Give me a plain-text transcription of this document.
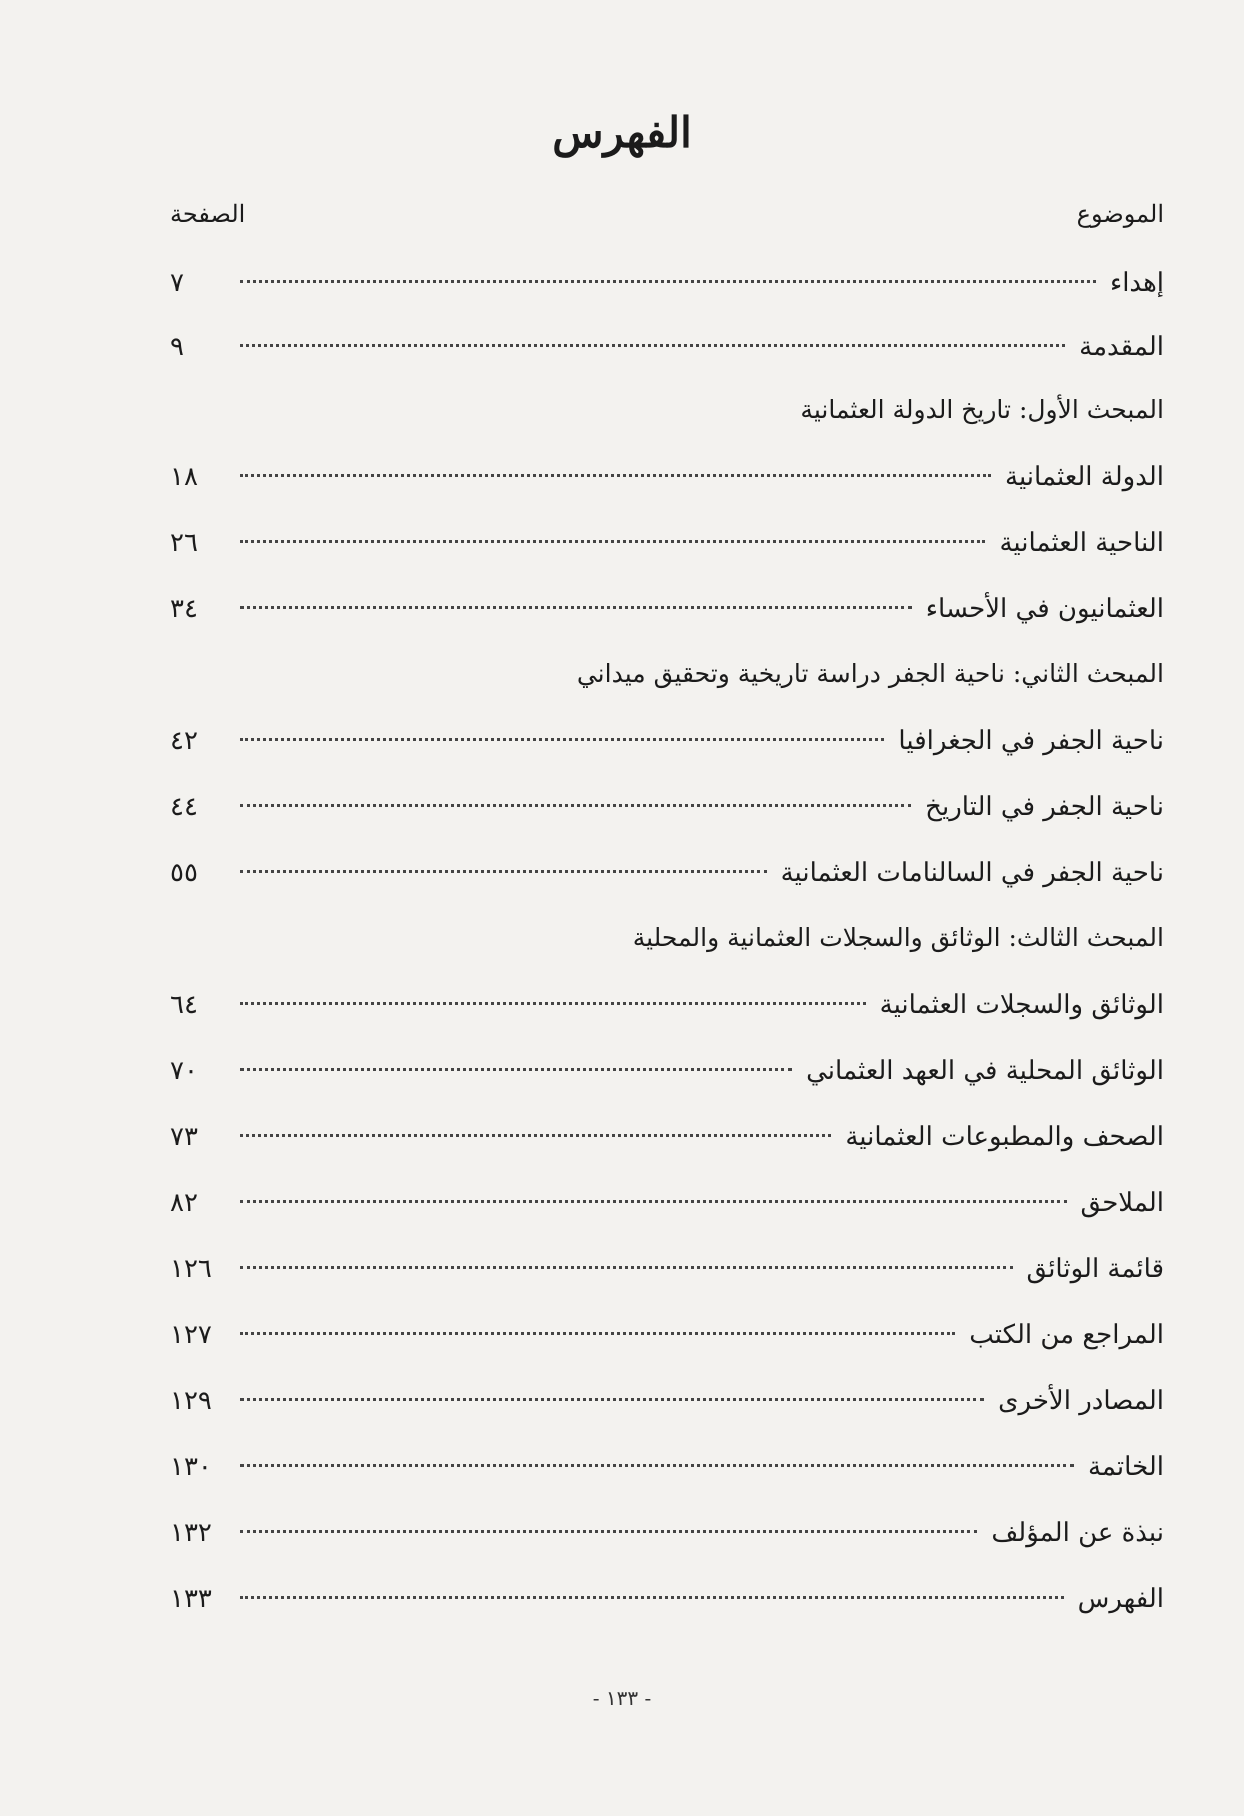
الفهرس
الموضوع
الصفحة
إهداء
٧
المقدمة
٩
المبحث الأول: تاريخ الدولة العثمانية
الدولة العثمانية
١٨
الناحية العثمانية
٢٦
العثمانيون في الأحساء
٣٤
المبحث الثاني: ناحية الجفر دراسة تاريخية وتحقيق ميداني
ناحية الجفر في الجغرافيا
٤٢
ناحية الجفر في التاريخ
٤٤
ناحية الجفر في السالنامات العثمانية
٥٥
المبحث الثالث: الوثائق والسجلات العثمانية والمحلية
الوثائق والسجلات العثمانية
٦٤
الوثائق المحلية في العهد العثماني
٧٠
الصحف والمطبوعات العثمانية
٧٣
الملاحق
٨٢
قائمة الوثائق
١٢٦
المراجع من الكتب
١٢٧
المصادر الأخرى
١٢٩
الخاتمة
١٣٠
نبذة عن المؤلف
١٣٢
الفهرس
١٣٣
- ١٣٣ -
